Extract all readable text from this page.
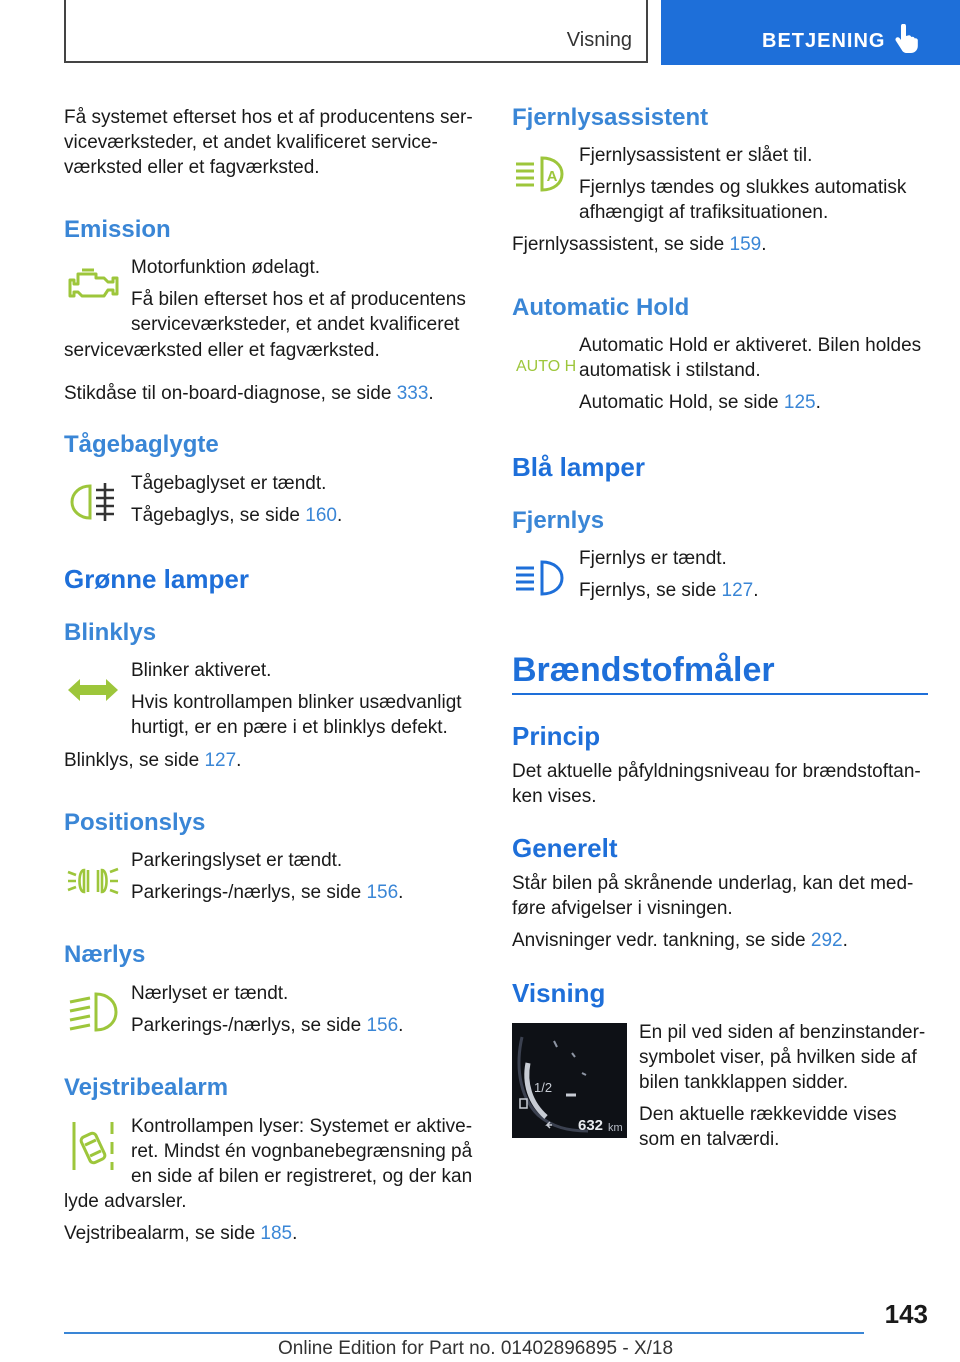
Visning	BETJENING

Få systemet efterset hos et af producentens ser-
viceværksteder, et andet kvalificeret service-
værksted eller et fagværksted.

Emission

Motorfunktion ødelagt.

Få bilen efterset hos et af producentens

serviceværksteder, et andet kvalificeret

serviceværksted eller et fagværksted.
Stikdåse til on-board-diagnose, se side 333.
Tågebaglygte

Tågebaglyset er tændt.

Tågebaglys, se side 160.

Grønne lamper
Blinklys

Blinker aktiveret.

Hvis kontrollampen blinker usædvanligt

hurtigt, er en pære i et blinklys defekt.

Blinklys, se side 127.
Positionslys

Parkeringslyset er tændt.

Parkerings-/nærlys, se side 156.

Nærlys

Nærlyset er tændt.

Parkerings-/nærlys, se side 156.

Vejstribealarm

Kontrollampen lyser: Systemet er aktive-

ret. Mindst én vognbanebegrænsning på

en side af bilen er registreret, og der kan

lyde advarsler.
Vejstribealarm, se side 185.
Fjernlysassistent
A

Fjernlysassistent er slået til.

Fjernlys tændes og slukkes automatisk

afhængigt af trafiksituationen.

Fjernlysassistent, se side 159.
Automatic Hold
AUTO H

Automatic Hold er aktiveret. Bilen holdes

automatisk i stilstand.

Automatic Hold, se side 125.

Blå lamper
Fjernlys

Fjernlys er tændt.

Fjernlys, se side 127.

Brændstofmåler
Princip

Det aktuelle påfyldningsniveau for brændstoftan-

ken vises.

Generelt

Står bilen på skrånende underlag, kan det med-

føre afvigelser i visningen.

Anvisninger vedr. tankning, se side 292.

Visning
1/2
632 km

En pil ved siden af benzinstander-

symbolet viser, på hvilken side af

bilen tankklappen sidder.

Den aktuelle rækkevidde vises

som en talværdi.

143
Online Edition for Part no. 01402896895 - X/18
